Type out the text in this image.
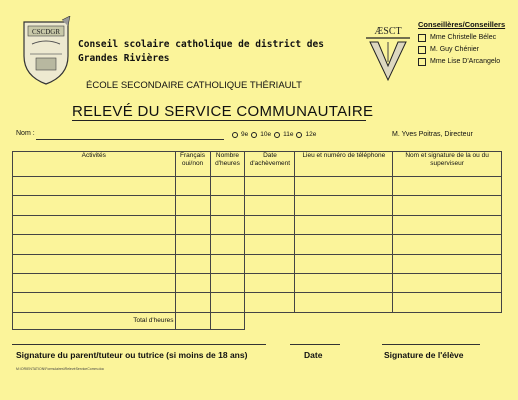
CSCDGR
Conseil scolaire catholique de district des
Grandes Rivières
ÆSCT
Conseillères/Conseillers
Mme Christelle Bélec
M. Guy Chénier
Mme Lise D'Arcangelo
ÉCOLE SECONDAIRE CATHOLIQUE THÉRIAULT
RELEVÉ DU SERVICE COMMUNAUTAIRE
Nom :	9e 10e 11e 12e	M. Yves Poitras, Directeur
Activités	Français oui/non	Nombre d'heures	Date d'achèvement	Lieu et numéro de téléphone	Nom et signature de la ou du superviseur

Total d'heures					
Signature du parent/tuteur ou tutrice (si moins de 18 ans)	Date	Signature de l'élève
M:\ORIENTATION\Formulaires\RelevéServiceComm.doc
